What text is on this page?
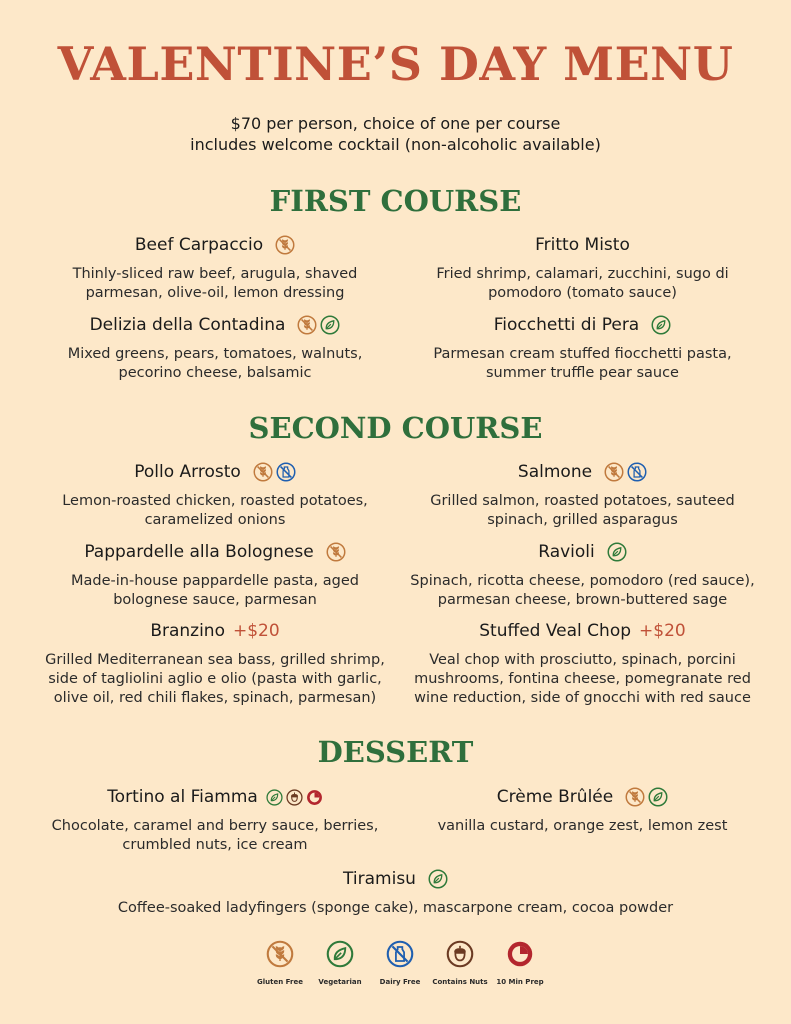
VALENTINE’S DAY MENU
$70 per person, choice of one per course
includes welcome cocktail (non-alcoholic available)
FIRST COURSE
Beef Carpaccio
Thinly-sliced raw beef, arugula, shaved
parmesan, olive-oil, lemon dressing
Fritto Misto
Fried shrimp, calamari, zucchini, sugo di
pomodoro (tomato sauce)
Delizia della Contadina
Mixed greens, pears, tomatoes, walnuts,
pecorino cheese, balsamic
Fiocchetti di Pera
Parmesan cream stuffed fiocchetti pasta,
summer truffle pear sauce
SECOND COURSE
Pollo Arrosto
Lemon-roasted chicken, roasted potatoes,
caramelized onions
Salmone
Grilled salmon, roasted potatoes, sauteed
spinach, grilled asparagus
Pappardelle alla Bolognese
Made-in-house pappardelle pasta, aged
bolognese sauce, parmesan
Ravioli
Spinach, ricotta cheese, pomodoro (red sauce),
parmesan cheese, brown-buttered sage
Branzino +$20
Grilled Mediterranean sea bass, grilled shrimp,
side of tagliolini aglio e olio (pasta with garlic,
olive oil, red chili flakes, spinach, parmesan)
Stuffed Veal Chop +$20
Veal chop with prosciutto, spinach, porcini
mushrooms, fontina cheese, pomegranate red
wine reduction, side of gnocchi with red sauce
DESSERT
Tortino al Fiamma
Chocolate, caramel and berry sauce, berries,
crumbled nuts, ice cream
Crème Brûlée
vanilla custard, orange zest, lemon zest
Tiramisu
Coffee-soaked ladyfingers (sponge cake), mascarpone cream, cocoa powder
Gluten Free Vegetarian	Dairy Free Contains Nuts 10 Min Prep
